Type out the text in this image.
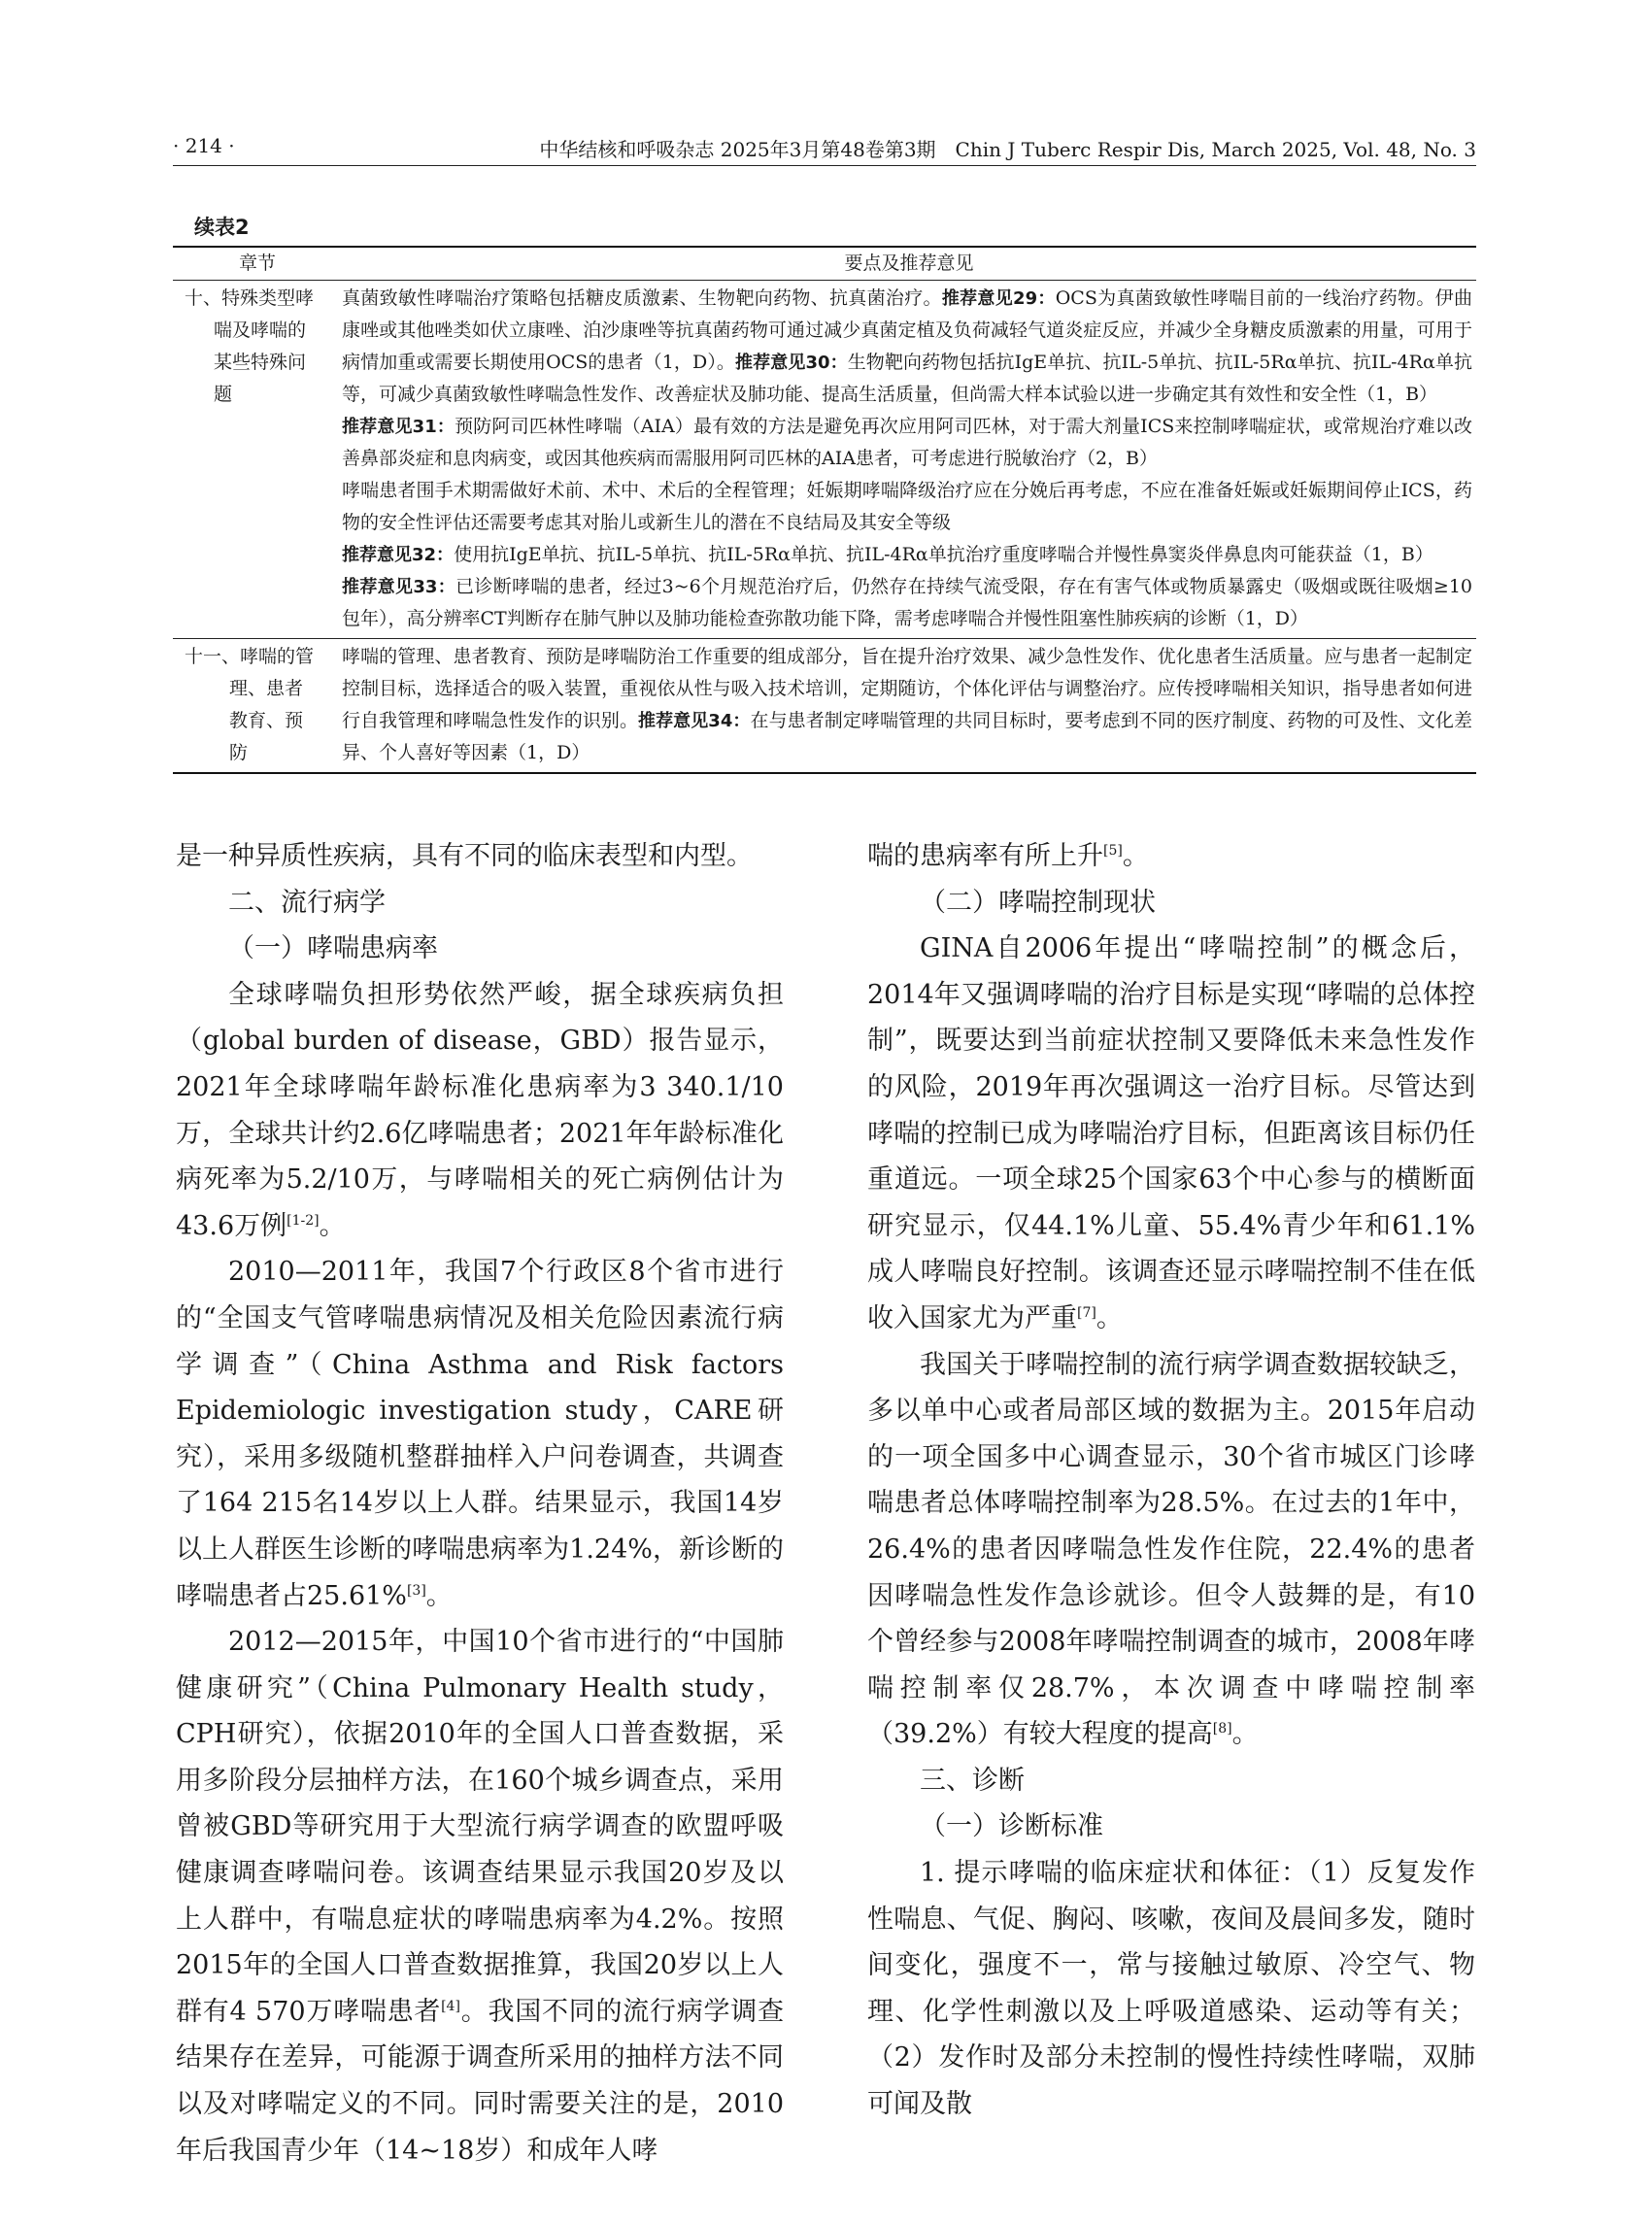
· 214 ·	中华结核和呼吸杂志 2025年3月第48卷第3期　Chin J Tuberc Respir Dis, March 2025, Vol. 48, No. 3
续表2
章节	要点及推荐意见
十、特殊类型哮
喘及哮喘的
某些特殊问
题

真菌致敏性哮喘治疗策略包括糖皮质激素、生物靶向药物、抗真菌治疗。推荐意见29：OCS为真菌致敏性哮喘目前的一线治疗药物。伊曲康唑或其他唑类如伏立康唑、泊沙康唑等抗真菌药物可通过减少真菌定植及负荷减轻气道炎症反应，并减少全身糖皮质激素的用量，可用于病情加重或需要长期使用OCS的患者（1，D）。推荐意见30：生物靶向药物包括抗IgE单抗、抗IL-5单抗、抗IL-5Rα单抗、抗IL-4Rα单抗等，可减少真菌致敏性哮喘急性发作、改善症状及肺功能、提高生活质量，但尚需大样本试验以进一步确定其有效性和安全性（1，B）

推荐意见31：预防阿司匹林性哮喘（AIA）最有效的方法是避免再次应用阿司匹林，对于需大剂量ICS来控制哮喘症状，或常规治疗难以改善鼻部炎症和息肉病变，或因其他疾病而需服用阿司匹林的AIA患者，可考虑进行脱敏治疗（2，B）

哮喘患者围手术期需做好术前、术中、术后的全程管理；妊娠期哮喘降级治疗应在分娩后再考虑，不应在准备妊娠或妊娠期间停止ICS，药物的安全性评估还需要考虑其对胎儿或新生儿的潜在不良结局及其安全等级

推荐意见32：使用抗IgE单抗、抗IL-5单抗、抗IL-5Rα单抗、抗IL-4Rα单抗治疗重度哮喘合并慢性鼻窦炎伴鼻息肉可能获益（1，B）

推荐意见33：已诊断哮喘的患者，经过3~6个月规范治疗后，仍然存在持续气流受限，存在有害气体或物质暴露史（吸烟或既往吸烟≥10包年），高分辨率CT判断存在肺气肿以及肺功能检查弥散功能下降，需考虑哮喘合并慢性阻塞性肺疾病的诊断（1，D）

十一、哮喘的管
理、患者
教育、预
防

哮喘的管理、患者教育、预防是哮喘防治工作重要的组成部分，旨在提升治疗效果、减少急性发作、优化患者生活质量。应与患者一起制定控制目标，选择适合的吸入装置，重视依从性与吸入技术培训，定期随访，个体化评估与调整治疗。应传授哮喘相关知识，指导患者如何进行自我管理和哮喘急性发作的识别。推荐意见34：在与患者制定哮喘管理的共同目标时，要考虑到不同的医疗制度、药物的可及性、文化差异、个人喜好等因素（1，D）

是一种异质性疾病，具有不同的临床表型和内型。

二、流行病学

（一）哮喘患病率

全球哮喘负担形势依然严峻，据全球疾病负担（global burden of disease，GBD）报告显示，2021年全球哮喘年龄标准化患病率为3 340.1/10万，全球共计约2.6亿哮喘患者；2021年年龄标准化病死率为5.2/10万，与哮喘相关的死亡病例估计为43.6万例[1-2]。

2010—2011年，我国7个行政区8个省市进行的“全国支气管哮喘患病情况及相关危险因素流行病学调查”（China Asthma and Risk factors Epidemiologic investigation study，CARE研究），采用多级随机整群抽样入户问卷调查，共调查了164 215名14岁以上人群。结果显示，我国14岁以上人群医生诊断的哮喘患病率为1.24%，新诊断的哮喘患者占25.61%[3]。

2012—2015年，中国10个省市进行的“中国肺健康研究”（China Pulmonary Health study，CPH研究），依据2010年的全国人口普查数据，采用多阶段分层抽样方法，在160个城乡调查点，采用曾被GBD等研究用于大型流行病学调查的欧盟呼吸健康调查哮喘问卷。该调查结果显示我国20岁及以上人群中，有喘息症状的哮喘患病率为4.2%。按照2015年的全国人口普查数据推算，我国20岁以上人群有4 570万哮喘患者[4]。我国不同的流行病学调查结果存在差异，可能源于调查所采用的抽样方法不同以及对哮喘定义的不同。同时需要关注的是，2010年后我国青少年（14~18岁）和成年人哮

喘的患病率有所上升[5]。

（二）哮喘控制现状

GINA自2006年提出“哮喘控制”的概念后，2014年又强调哮喘的治疗目标是实现“哮喘的总体控制”，既要达到当前症状控制又要降低未来急性发作的风险，2019年再次强调这一治疗目标。尽管达到哮喘的控制已成为哮喘治疗目标，但距离该目标仍任重道远。一项全球25个国家63个中心参与的横断面研究显示，仅44.1%儿童、55.4%青少年和61.1%成人哮喘良好控制。该调查还显示哮喘控制不佳在低收入国家尤为严重[7]。

我国关于哮喘控制的流行病学调查数据较缺乏，多以单中心或者局部区域的数据为主。2015年启动的一项全国多中心调查显示，30个省市城区门诊哮喘患者总体哮喘控制率为28.5%。在过去的1年中，26.4%的患者因哮喘急性发作住院，22.4%的患者因哮喘急性发作急诊就诊。但令人鼓舞的是，有10个曾经参与2008年哮喘控制调查的城市，2008年哮喘控制率仅28.7%，本次调查中哮喘控制率（39.2%）有较大程度的提高[8]。

三、诊断

（一）诊断标准

1. 提示哮喘的临床症状和体征：（1）反复发作性喘息、气促、胸闷、咳嗽，夜间及晨间多发，随时间变化，强度不一，常与接触过敏原、冷空气、物理、化学性刺激以及上呼吸道感染、运动等有关；（2）发作时及部分未控制的慢性持续性哮喘，双肺可闻及散
